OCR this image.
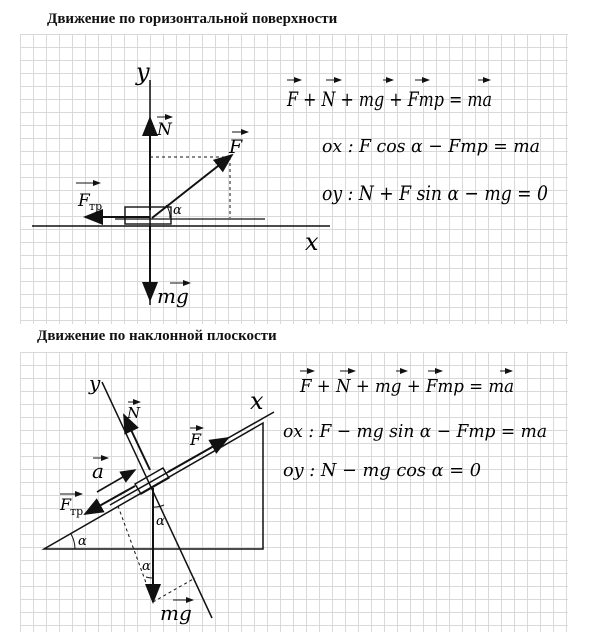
Движение по горизонтальной поверхности
Движение по наклонной плоскости
y
x
N
F
α
F тр
mg
F + N + mg + Fтр = ma
ox : F cos α − Fтр = ma
oy : N + F sin α − mg = 0
x
y
N
F
a
F
тр
mg
α
α
α
F + N + mg + Fтр = ma
ox : F − mg sin α − Fтр = ma
oy : N − mg cos α = 0
